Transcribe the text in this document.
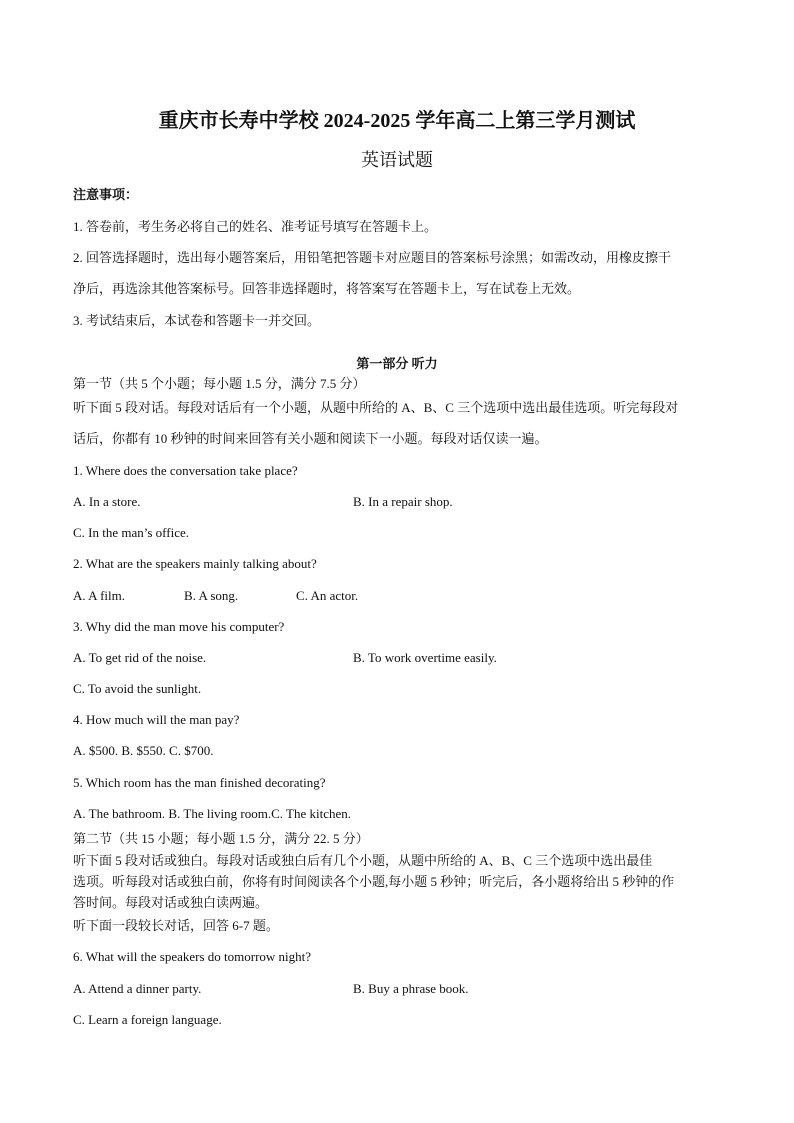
重庆市长寿中学校 2024-2025 学年高二上第三学月测试
英语试题
注意事项：
1. 答卷前，考生务必将自己的姓名、准考证号填写在答题卡上。
2. 回答选择题时，选出每小题答案后，用铅笔把答题卡对应题目的答案标号涂黑；如需改动，用橡皮擦干
净后，再选涂其他答案标号。回答非选择题时，将答案写在答题卡上，写在试卷上无效。
3. 考试结束后，本试卷和答题卡一并交回。
第一部分 听力
第一节（共 5 个小题；每小题 1.5 分，满分 7.5 分）
听下面 5 段对话。每段对话后有一个小题，从题中所给的 A、B、C 三个选项中选出最佳选项。听完每段对
话后，你都有 10 秒钟的时间来回答有关小题和阅读下一小题。每段对话仅读一遍。
1. Where does the conversation take place?
A. In a store.	B. In a repair shop.
C. In the man’s office.
2. What are the speakers mainly talking about?
A. A film.	B. A song.	C. An actor.
3. Why did the man move his computer?
A. To get rid of the noise.	B. To work overtime easily.
C. To avoid the sunlight.
4. How much will the man pay?
A. $500. B. $550. C. $700.
5. Which room has the man finished decorating?
A. The bathroom. B. The living room.C. The kitchen.
第二节（共 15 小题；每小题 1.5 分，满分 22. 5 分）
听下面 5 段对话或独白。每段对话或独白后有几个小题，从题中所给的 A、B、C 三个选项中选出最佳
选项。听每段对话或独白前，你将有时间阅读各个小题,每小题 5 秒钟；听完后，各小题将给出 5 秒钟的作
答时间。每段对话或独白读两遍。
听下面一段较长对话，回答 6-7 题。
6. What will the speakers do tomorrow night?
A. Attend a dinner party.	B. Buy a phrase book.
C. Learn a foreign language.
